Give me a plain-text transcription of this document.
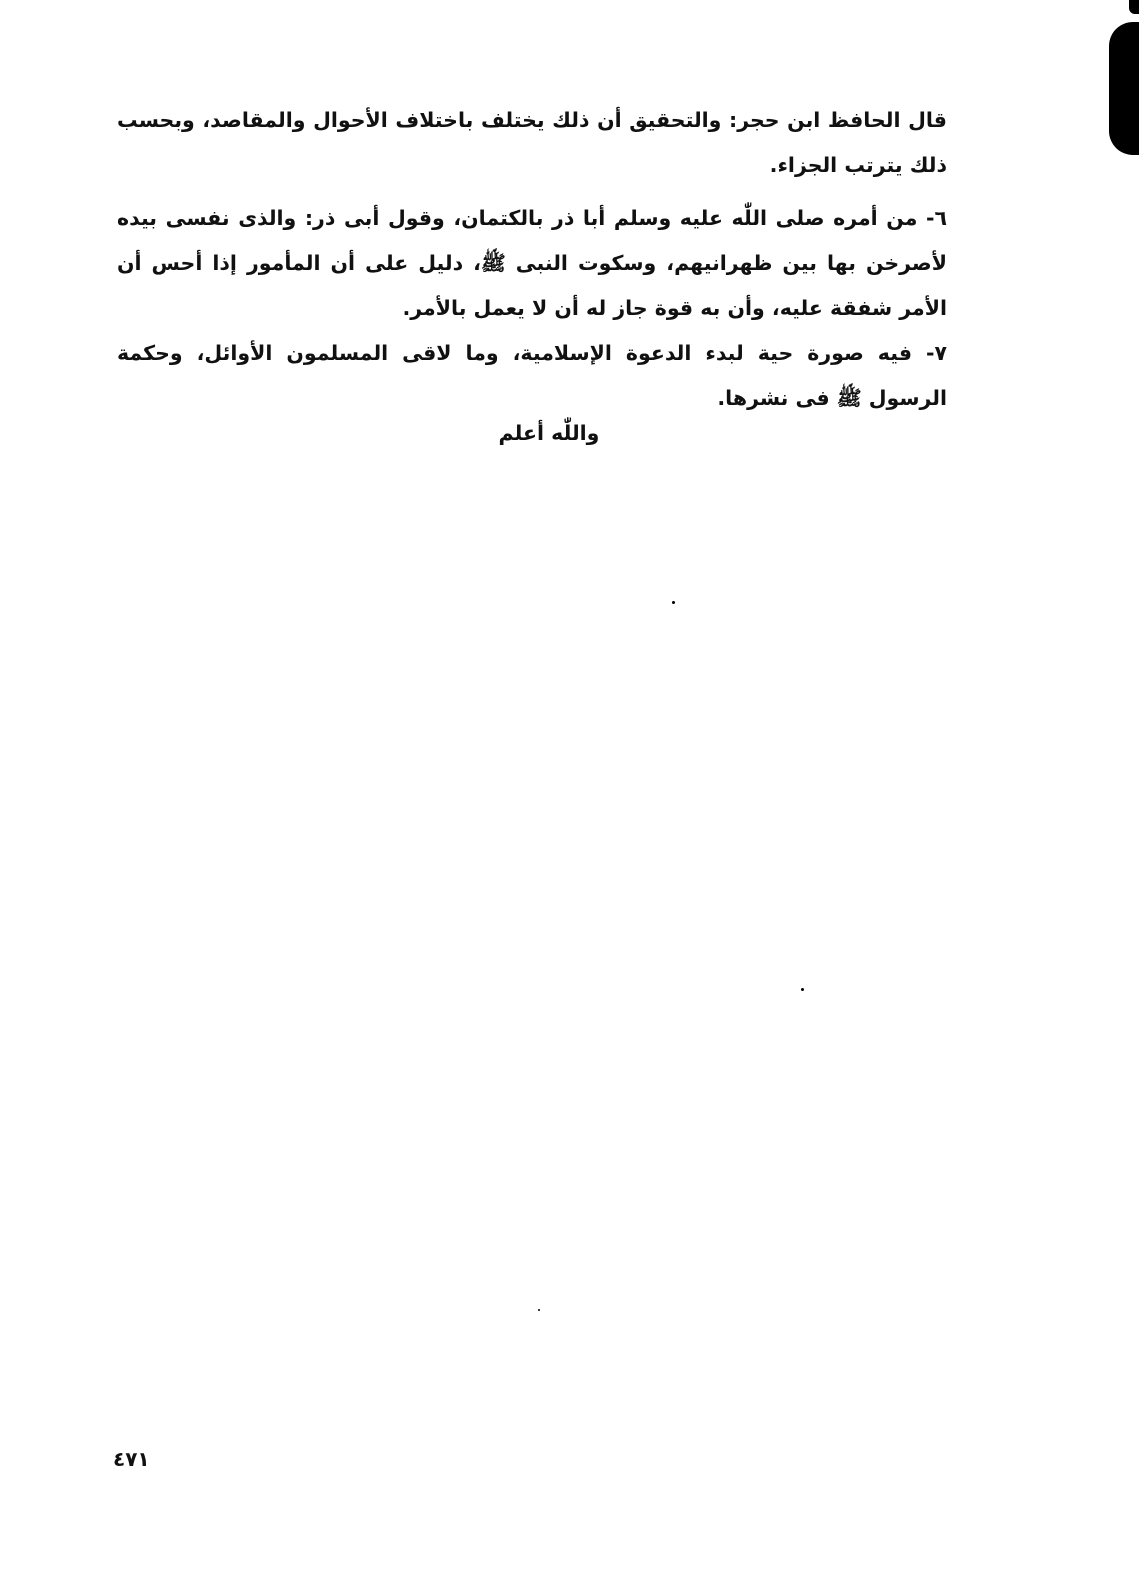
قال الحافظ ابن حجر: والتحقيق أن ذلك يختلف باختلاف الأحوال والمقاصد، وبحسب ذلك يترتب الجزاء.

٦- من أمره صلى اللّٰه عليه وسلم أبا ذر بالكتمان، وقول أبى ذر: والذى نفسى بيده لأصرخن بها بين ظهرانيهم، وسكوت النبى ﷺ، دليل على أن المأمور إذا أحس أن الأمر شفقة عليه، وأن به قوة جاز له أن لا يعمل بالأمر.

٧- فيه صورة حية لبدء الدعوة الإسلامية، وما لاقى المسلمون الأوائل، وحكمة الرسول ﷺ فى نشرها.

واللّٰه أعلم
٤٧١
